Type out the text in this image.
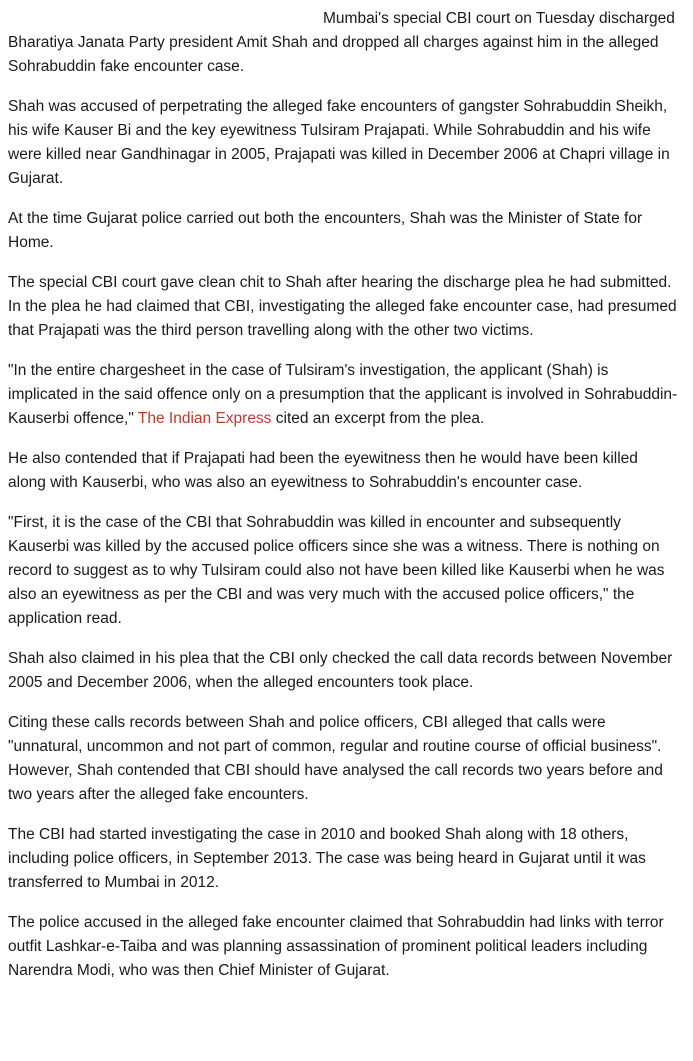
Mumbai's special CBI court on Tuesday discharged Bharatiya Janata Party president Amit Shah and dropped all charges against him in the alleged Sohrabuddin fake encounter case.

Shah was accused of perpetrating the alleged fake encounters of gangster Sohrabuddin Sheikh, his wife Kauser Bi and the key eyewitness Tulsiram Prajapati. While Sohrabuddin and his wife were killed near Gandhinagar in 2005, Prajapati was killed in December 2006 at Chapri village in Gujarat.

At the time Gujarat police carried out both the encounters, Shah was the Minister of State for Home.

The special CBI court gave clean chit to Shah after hearing the discharge plea he had submitted. In the plea he had claimed that CBI, investigating the alleged fake encounter case, had presumed that Prajapati was the third person travelling along with the other two victims.

"In the entire chargesheet in the case of Tulsiram's investigation, the applicant (Shah) is implicated in the said offence only on a presumption that the applicant is involved in Sohrabuddin-Kauserbi offence," The Indian Express cited an excerpt from the plea.

He also contended that if Prajapati had been the eyewitness then he would have been killed along with Kauserbi, who was also an eyewitness to Sohrabuddin's encounter case.

"First, it is the case of the CBI that Sohrabuddin was killed in encounter and subsequently Kauserbi was killed by the accused police officers since she was a witness. There is nothing on record to suggest as to why Tulsiram could also not have been killed like Kauserbi when he was also an eyewitness as per the CBI and was very much with the accused police officers," the application read.

Shah also claimed in his plea that the CBI only checked the call data records between November 2005 and December 2006, when the alleged encounters took place.

Citing these calls records between Shah and police officers, CBI alleged that calls were "unnatural, uncommon and not part of common, regular and routine course of official business". However, Shah contended that CBI should have analysed the call records two years before and two years after the alleged fake encounters.

The CBI had started investigating the case in 2010 and booked Shah along with 18 others, including police officers, in September 2013. The case was being heard in Gujarat until it was transferred to Mumbai in 2012.

The police accused in the alleged fake encounter claimed that Sohrabuddin had links with terror outfit Lashkar-e-Taiba and was planning assassination of prominent political leaders including Narendra Modi, who was then Chief Minister of Gujarat.
